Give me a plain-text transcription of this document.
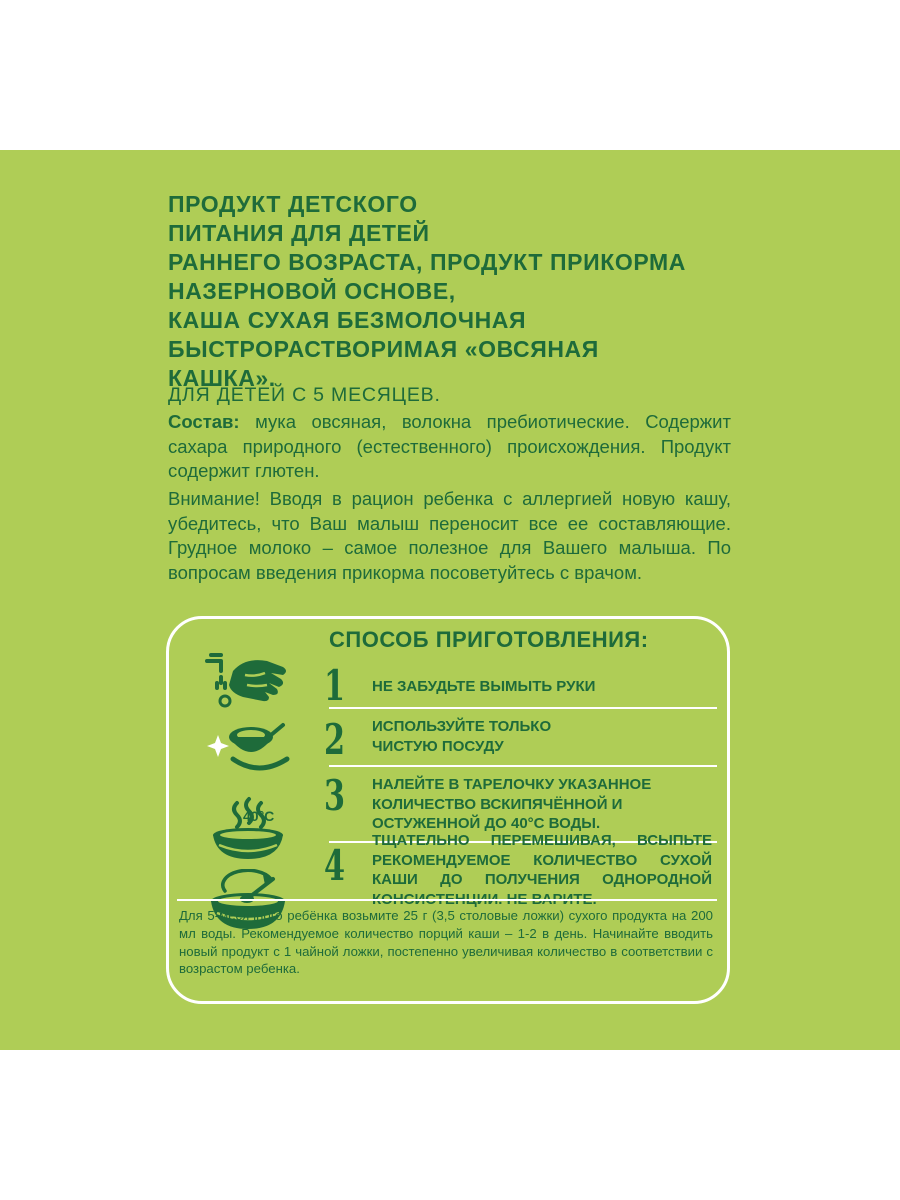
ПРОДУКТ ДЕТСКОГО
ПИТАНИЯ ДЛЯ ДЕТЕЙ
РАННЕГО ВОЗРАСТА, ПРОДУКТ ПРИКОРМА
НАЗЕРНОВОЙ ОСНОВЕ,
КАША СУХАЯ БЕЗМОЛОЧНАЯ
БЫСТРОРАСТВОРИМАЯ «ОВСЯНАЯ
КАШКА».
ДЛЯ ДЕТЕЙ С 5 МЕСЯЦЕВ.
Состав: мука овсяная, волокна пребиотические. Содержит сахара природного (естественного) происхождения. Продукт содержит глютен.
Внимание! Вводя в рацион ребенка с аллергией новую кашу, убедитесь, что Ваш малыш переносит все ее составляющие. Грудное молоко – самое полезное для Вашего малыша. По вопросам введения прикорма посоветуйтесь с врачом.
СПОСОБ ПРИГОТОВЛЕНИЯ:
40°С
1 НЕ ЗАБУДЬТЕ ВЫМЫТЬ РУКИ
2 ИСПОЛЬЗУЙТЕ ТОЛЬКО ЧИСТУЮ ПОСУДУ
3 НАЛЕЙТЕ В ТАРЕЛОЧКУ УКАЗАННОЕ КОЛИЧЕСТВО ВСКИПЯЧЁННОЙ И ОСТУЖЕННОЙ ДО 40°С ВОДЫ.
4
ТЩАТЕЛЬНО ПЕРЕМЕШИВАЯ, ВСЫПЬТЕ РЕКОМЕНДУЕМОЕ КОЛИЧЕСТВО СУХОЙ КАШИ ДО ПОЛУЧЕНИЯ ОДНОРОДНОЙ КОНСИСТЕНЦИИ. НЕ ВАРИТЕ.
Для 5-месячного ребёнка возьмите 25 г (3,5 столовые ложки) сухого продукта на 200 мл воды. Рекомендуемое количество порций каши – 1-2 в день. Начинайте вводить новый продукт с 1 чайной ложки, постепенно увеличивая количество в соответствии с возрастом ребенка.
